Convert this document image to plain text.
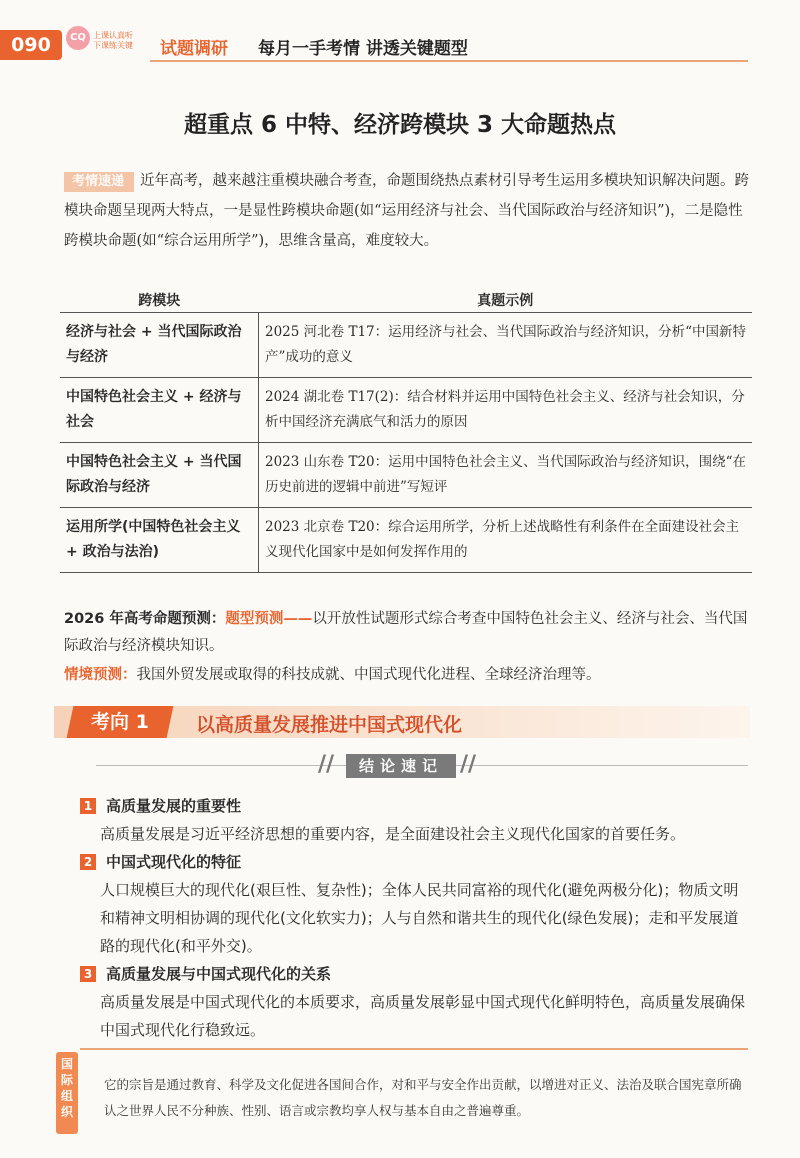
090	CQ 上课认真听 下课练关键	试题调研 每月一手考情 讲透关键题型
超重点 6 中特、经济跨模块 3 大命题热点
考情速递 近年高考，越来越注重模块融合考查，命题围绕热点素材引导考生运用多模块知识解决问题。跨模块命题呈现两大特点，一是显性跨模块命题(如“运用经济与社会、当代国际政治与经济知识”)，二是隐性跨模块命题(如“综合运用所学”)，思维含量高，难度较大。
跨模块	真题示例
经济与社会 + 当代国际政治与经济	2025 河北卷 T17：运用经济与社会、当代国际政治与经济知识，分析“中国新特产”成功的意义
中国特色社会主义 + 经济与社会	2024 湖北卷 T17(2)：结合材料并运用中国特色社会主义、经济与社会知识，分析中国经济充满底气和活力的原因
中国特色社会主义 + 当代国际政治与经济	2023 山东卷 T20：运用中国特色社会主义、当代国际政治与经济知识，围绕“在历史前进的逻辑中前进”写短评
运用所学(中国特色社会主义 + 政治与法治)	2023 北京卷 T20：综合运用所学，分析上述战略性有利条件在全面建设社会主义现代化国家中是如何发挥作用的
2026 年高考命题预测：题型预测——以开放性试题形式综合考查中国特色社会主义、经济与社会、当代国际政治与经济模块知识。
情境预测：我国外贸发展或取得的科技成就、中国式现代化进程、全球经济治理等。
考向 1	以高质量发展推进中国式现代化
//	结论速记 //
1 高质量发展的重要性
高质量发展是习近平经济思想的重要内容，是全面建设社会主义现代化国家的首要任务。
2 中国式现代化的特征
人口规模巨大的现代化(艰巨性、复杂性)；全体人民共同富裕的现代化(避免两极分化)；物质文明和精神文明相协调的现代化(文化软实力)；人与自然和谐共生的现代化(绿色发展)；走和平发展道路的现代化(和平外交)。
3 高质量发展与中国式现代化的关系
高质量发展是中国式现代化的本质要求，高质量发展彰显中国式现代化鲜明特色，高质量发展确保中国式现代化行稳致远。
国际组织
它的宗旨是通过教育、科学及文化促进各国间合作，对和平与安全作出贡献，以增进对正义、法治及联合国宪章所确认之世界人民不分种族、性别、语言或宗教均享人权与基本自由之普遍尊重。
